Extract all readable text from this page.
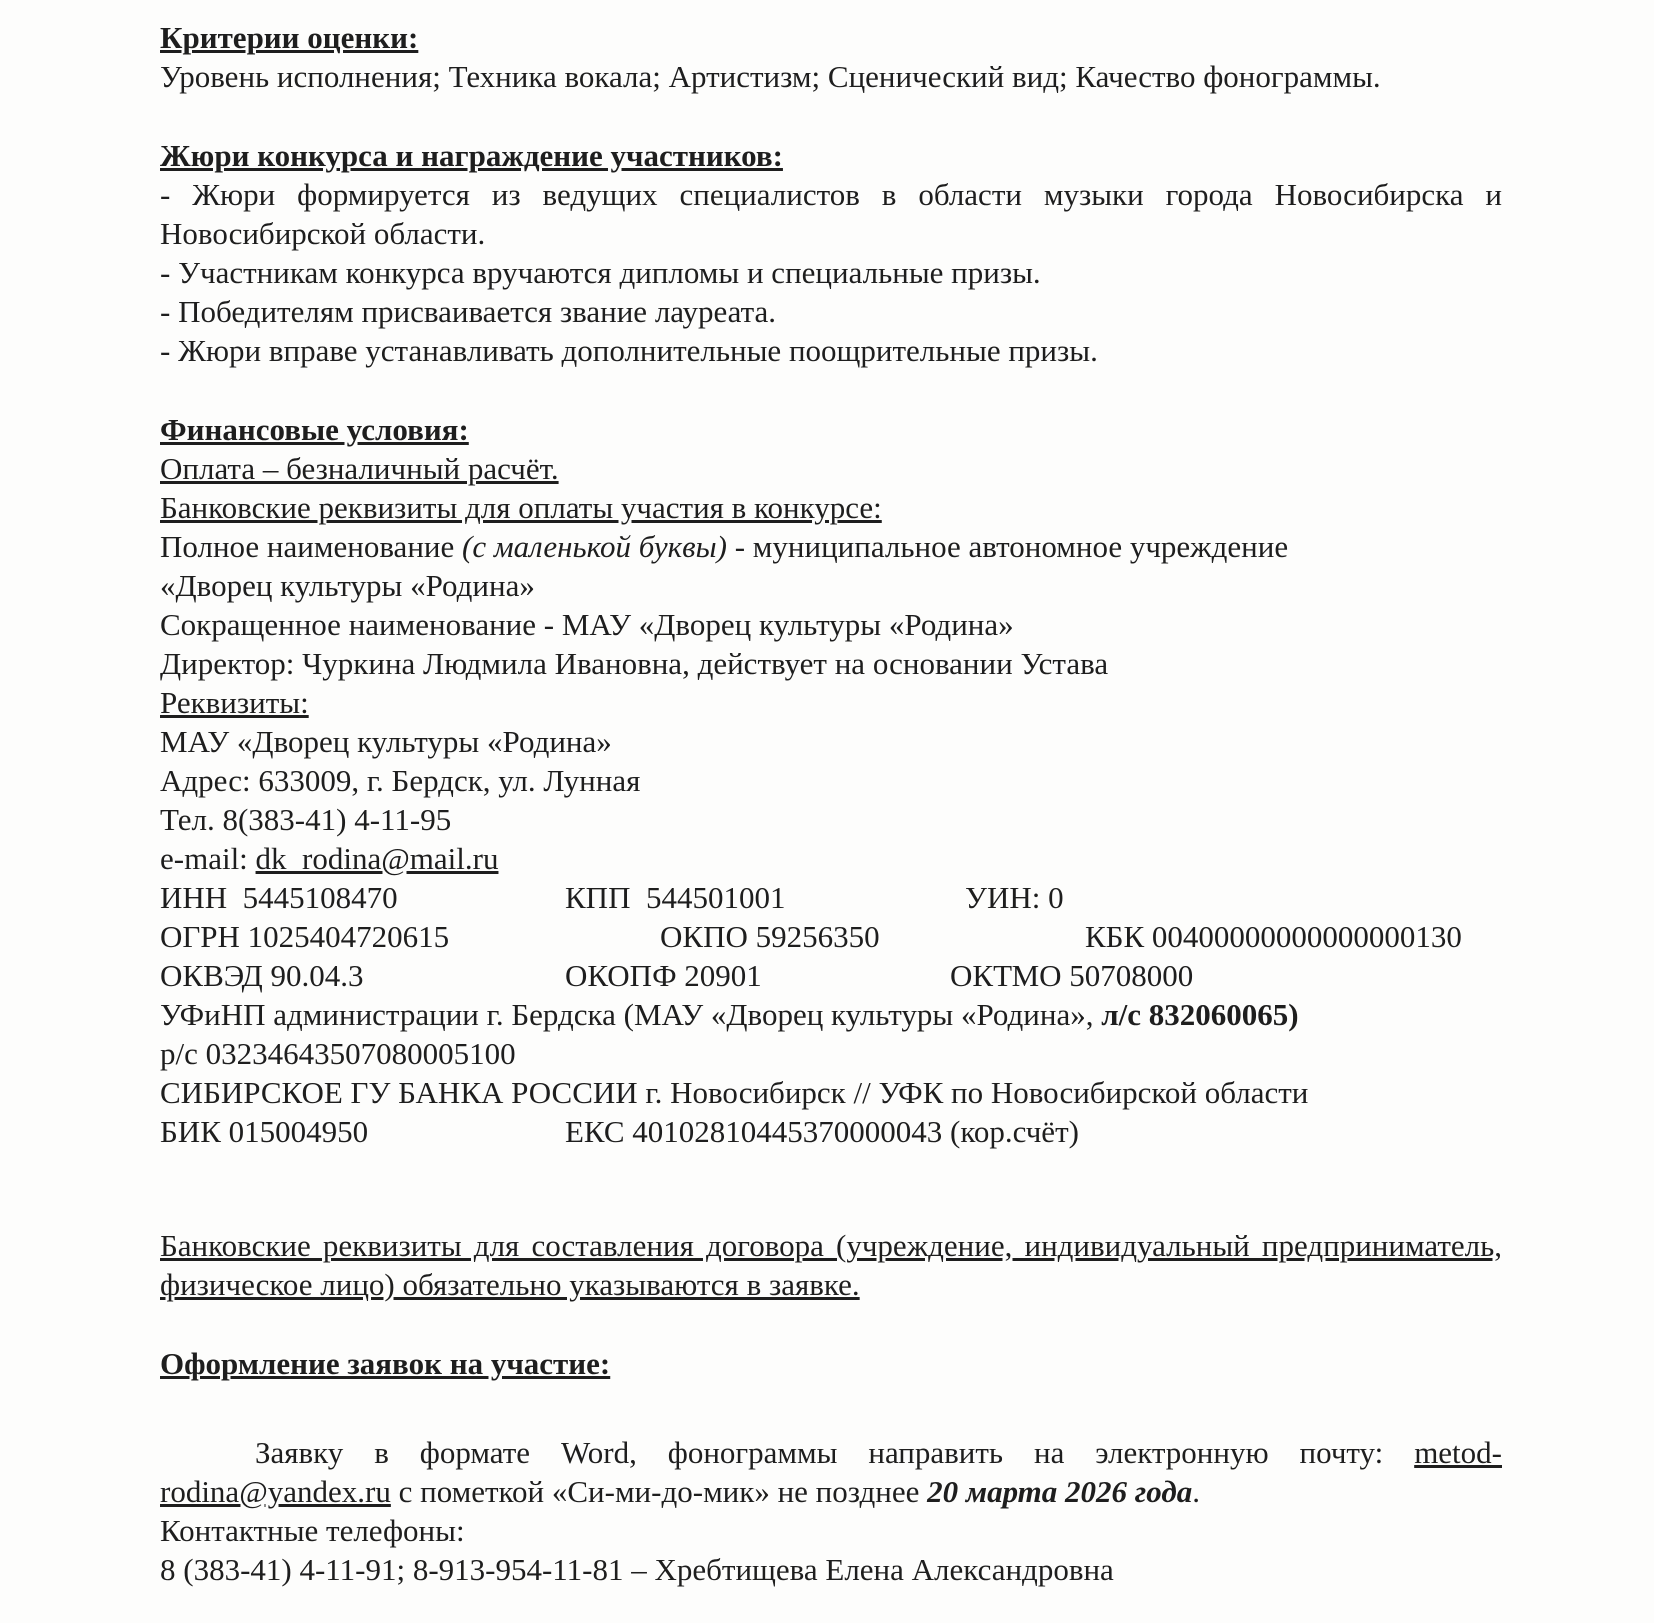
Критерии оценки:

Уровень исполнения; Техника вокала; Артистизм; Сценический вид; Качество фонограммы.

Жюри конкурса и награждение участников:

- Жюри формируется из ведущих специалистов в области музыки города Новосибирска и Новосибирской области.

- Участникам конкурса вручаются дипломы и специальные призы.

- Победителям присваивается звание лауреата.

- Жюри вправе устанавливать дополнительные поощрительные призы.

Финансовые условия:

Оплата – безналичный расчёт.

Банковские реквизиты для оплаты участия в конкурсе:

Полное наименование (с маленькой буквы) - муниципальное автономное учреждение

«Дворец культуры «Родина»

Сокращенное наименование - МАУ «Дворец культуры «Родина»

Директор: Чуркина Людмила Ивановна, действует на основании Устава

Реквизиты:

МАУ «Дворец культуры «Родина»

Адрес: 633009, г. Бердск, ул. Лунная

Тел. 8(383-41) 4-11-95

e-mail: dk_rodina@mail.ru

ИНН  5445108470	КПП  544501001	УИН: 0
ОГРН 1025404720615	ОКПО 59256350	КБК 00400000000000000130
ОКВЭД 90.04.3	ОКОПФ 20901	ОКТМО 50708000

УФиНП администрации г. Бердска (МАУ «Дворец культуры «Родина», л/с 832060065)

р/с 03234643507080005100

СИБИРСКОЕ ГУ БАНКА РОССИИ г. Новосибирск // УФК по Новосибирской области

БИК 015004950	ЕКС 40102810445370000043 (кор.счёт)

Банковские реквизиты для составления договора (учреждение, индивидуальный предприниматель, физическое лицо) обязательно указываются в заявке.

Оформление заявок на участие:

Заявку в формате Word, фонограммы направить на электронную почту: metod-rodina@yandex.ru с пометкой «Си-ми-до-мик» не позднее 20 марта 2026 года.

Контактные телефоны:

8 (383-41) 4-11-91; 8-913-954-11-81 – Хребтищева Елена Александровна
